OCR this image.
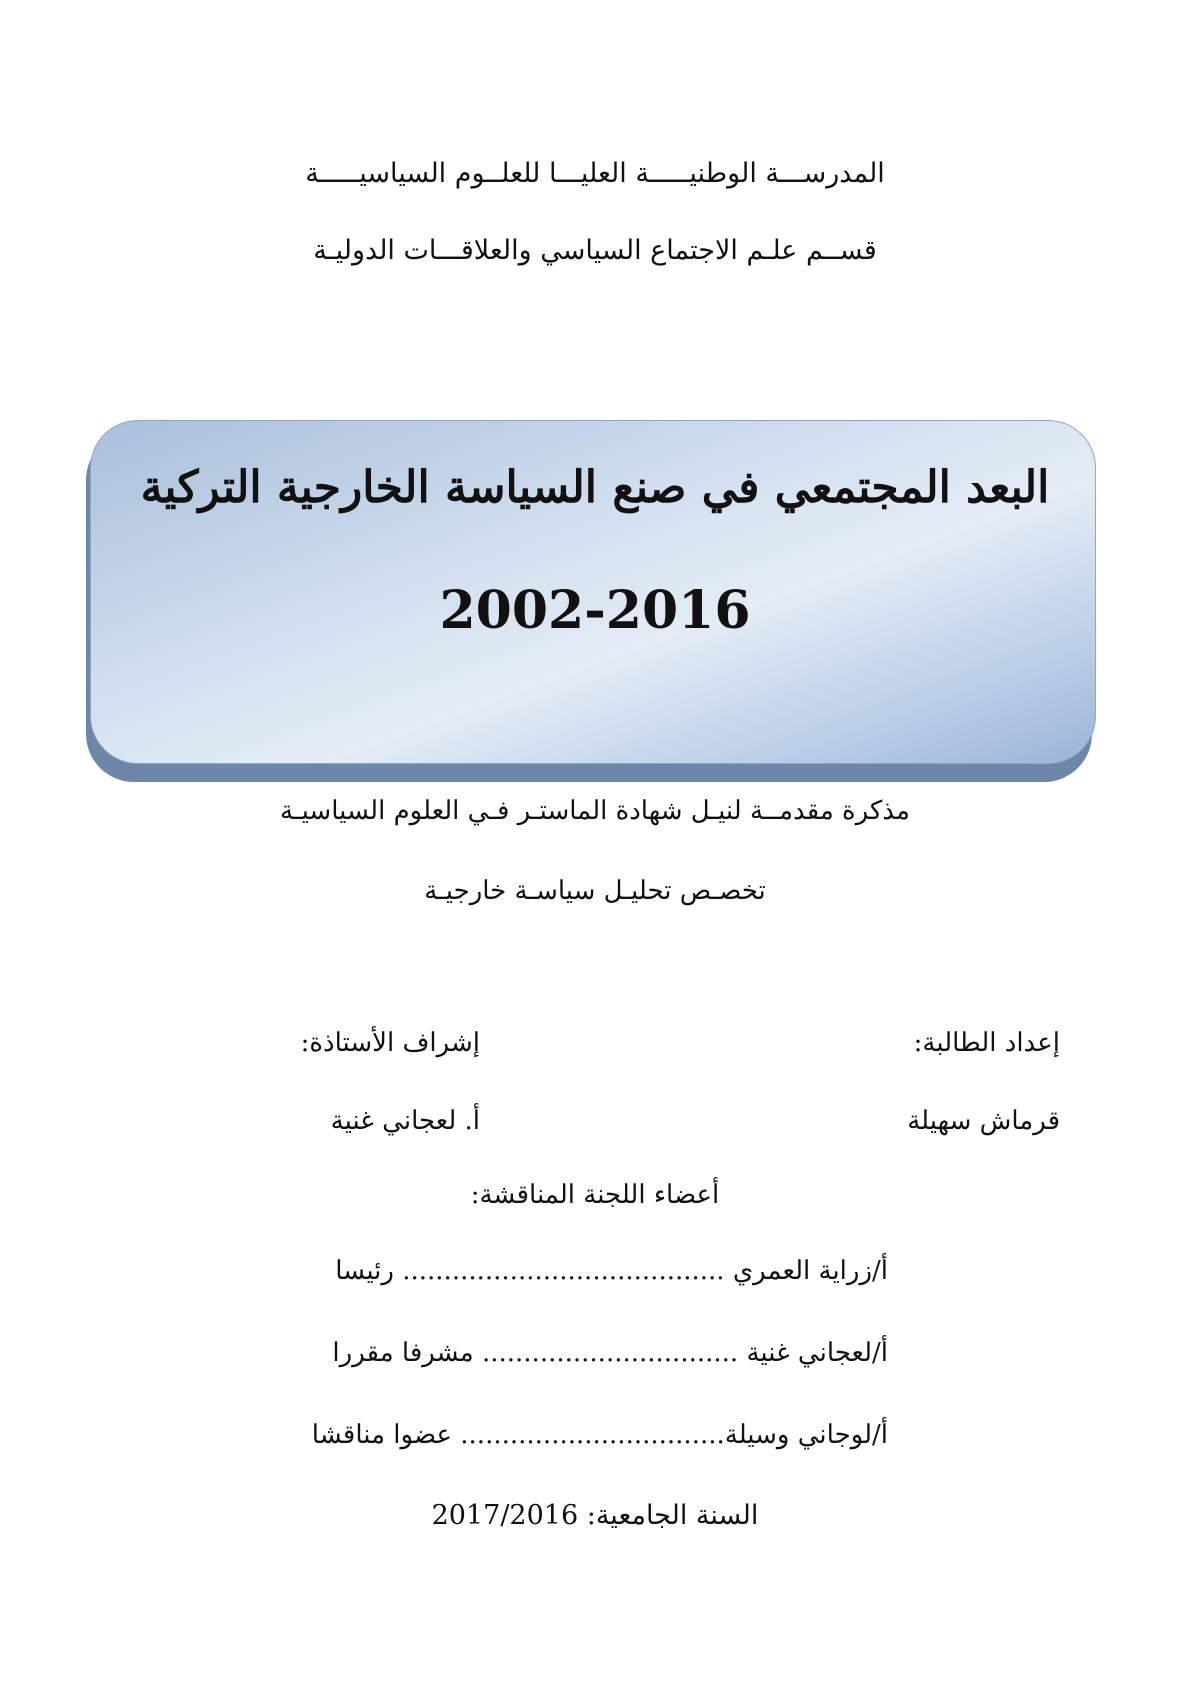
المدرســـة الوطنيـــــة العليـــا للعلــوم السياسيـــــة
قســم علـم الاجتماع السياسي والعلاقـــات الدوليـة
البعد المجتمعي في صنع السياسة الخارجية التركية
2002-2016
مذكرة مقدمــة لنيـل شهادة الماستـر فـي العلوم السياسيـة
تخصـص تحليـل سياسـة خارجيـة
إعداد الطالبة:
إشراف الأستاذة:
قرماش سهيلة
أ. لعجاني غنية
أعضاء اللجنة المناقشة:
أ/زراية العمري ....................................... رئيسا
أ/لعجاني غنية ............................... مشرفا مقررا
أ/لوجاني وسيلة................................ عضوا مناقشا
السنة الجامعية: 2017/2016
